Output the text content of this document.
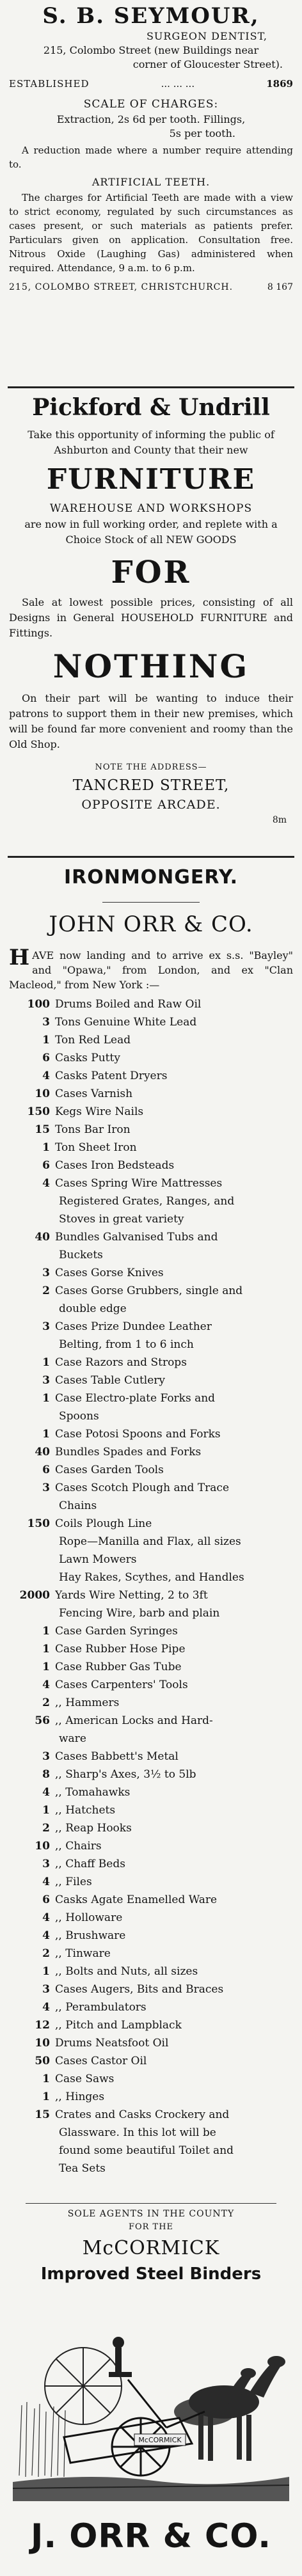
S. B. SEYMOUR,
SURGEON DENTIST,
215, Colombo Street (new Buildings near
corner of Gloucester Street).
ESTABLISHED	... ... ...	1869
SCALE OF CHARGES:
Extraction, 2s 6d per tooth. Fillings,
5s per tooth.

A reduction made where a number require attending to.

ARTIFICIAL TEETH.

The charges for Artificial Teeth are made with a view to strict economy, regulated by such circumstances as cases present, or such materials as patients prefer. Particulars given on application. Consultation free. Nitrous Oxide (Laughing Gas) administered when required. Attendance, 9 a.m. to 6 p.m.

215, COLOMBO STREET, CHRISTCHURCH.	8 167
Pickford & Undrill

Take this opportunity of informing the public of Ashburton and County that their new

FURNITURE
WAREHOUSE AND WORKSHOPS

are now in full working order, and replete with a Choice Stock of all NEW GOODS

FOR

Sale at lowest possible prices, consisting of all Designs in General HOUSEHOLD FURNITURE and Fittings.

NOTHING

On their part will be wanting to induce their patrons to support them in their new premises, which will be found far more convenient and roomy than the Old Shop.

NOTE THE ADDRESS—
TANCRED STREET,
OPPOSITE ARCADE.
8m
IRONMONGERY.
JOHN ORR & CO.

HAVE now landing and to arrive ex s.s. "Bayley" and "Opawa," from London, and ex "Clan Macleod," from New York :—

100 Drums Boiled and Raw Oil
3 Tons Genuine White Lead
1 Ton Red Lead
6 Casks Putty
4 Casks Patent Dryers
10 Cases Varnish
150 Kegs Wire Nails
15 Tons Bar Iron
1 Ton Sheet Iron
6 Cases Iron Bedsteads
4 Cases Spring Wire Mattresses
Registered Grates, Ranges, and
Stoves in great variety
40 Bundles Galvanised Tubs and
Buckets
3 Cases Gorse Knives
2 Cases Gorse Grubbers, single and
double edge
3 Cases Prize Dundee Leather
Belting, from 1 to 6 inch
1 Case Razors and Strops
3 Cases Table Cutlery
1 Case Electro-plate Forks and
Spoons
1 Case Potosi Spoons and Forks
40 Bundles Spades and Forks
6 Cases Garden Tools
3 Cases Scotch Plough and Trace
Chains
150 Coils Plough Line
Rope—Manilla and Flax, all sizes
Lawn Mowers
Hay Rakes, Scythes, and Handles
2000 Yards Wire Netting, 2 to 3ft
Fencing Wire, barb and plain
1 Case Garden Syringes
1 Case Rubber Hose Pipe
1 Case Rubber Gas Tube
4 Cases Carpenters' Tools
2 ,, Hammers
56 ,, American Locks and Hard-
ware
3 Cases Babbett's Metal
8 ,, Sharp's Axes, 3½ to 5lb
4 ,, Tomahawks
1 ,, Hatchets
2 ,, Reap Hooks
10 ,, Chairs
3 ,, Chaff Beds
4 ,, Files
6 Casks Agate Enamelled Ware
4 ,, Holloware
4 ,, Brushware
2 ,, Tinware
1 ,, Bolts and Nuts, all sizes
3 Cases Augers, Bits and Braces
4 ,, Perambulators
12 ,, Pitch and Lampblack
10 Drums Neatsfoot Oil
50 Cases Castor Oil
1 Case Saws
1 ,, Hinges
15 Crates and Casks Crockery and
Glassware. In this lot will be
found some beautiful Toilet and
Tea Sets
SOLE AGENTS IN THE COUNTY
FOR THE
McCORMICK
Improved Steel Binders
McCORMICK
J. ORR & CO.
